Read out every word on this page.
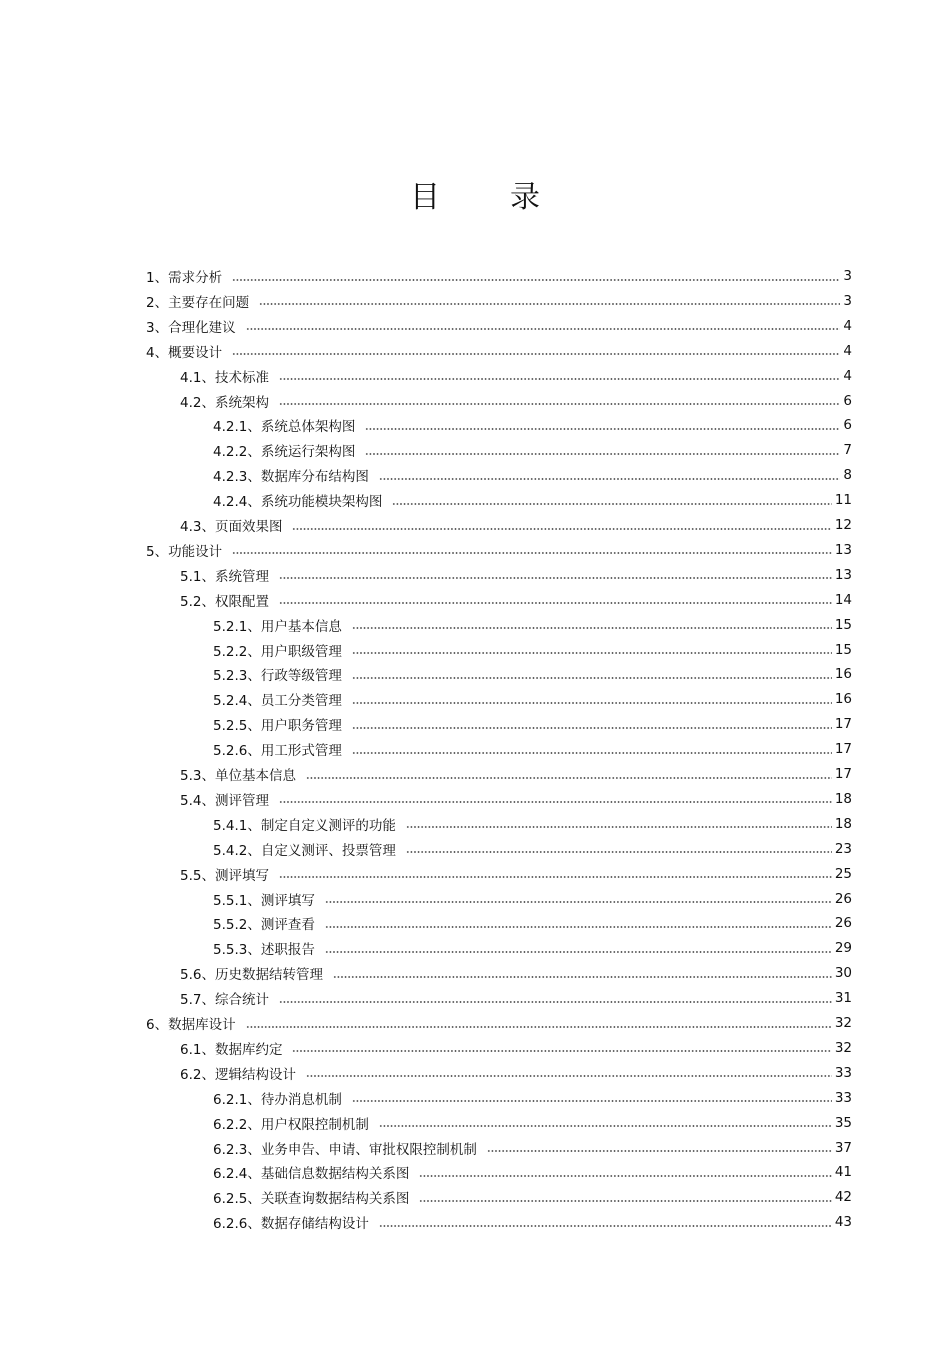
目 录
1、需求分析	3
2、主要存在问题	3
3、合理化建议	4
4、概要设计	4
4.1、技术标准	4
4.2、系统架构	6
4.2.1、系统总体架构图	6
4.2.2、系统运行架构图	7
4.2.3、数据库分布结构图	8
4.2.4、系统功能模块架构图	11
4.3、页面效果图	12
5、功能设计	13
5.1、系统管理	13
5.2、权限配置	14
5.2.1、用户基本信息	15
5.2.2、用户职级管理	15
5.2.3、行政等级管理	16
5.2.4、员工分类管理	16
5.2.5、用户职务管理	17
5.2.6、用工形式管理	17
5.3、单位基本信息	17
5.4、测评管理	18
5.4.1、制定自定义测评的功能	18
5.4.2、自定义测评、投票管理	23
5.5、测评填写	25
5.5.1、测评填写	26
5.5.2、测评查看	26
5.5.3、述职报告	29
5.6、历史数据结转管理	30
5.7、综合统计	31
6、数据库设计	32
6.1、数据库约定	32
6.2、逻辑结构设计	33
6.2.1、待办消息机制	33
6.2.2、用户权限控制机制	35
6.2.3、业务申告、申请、审批权限控制机制	37
6.2.4、基础信息数据结构关系图	41
6.2.5、关联查询数据结构关系图	42
6.2.6、数据存储结构设计	43
